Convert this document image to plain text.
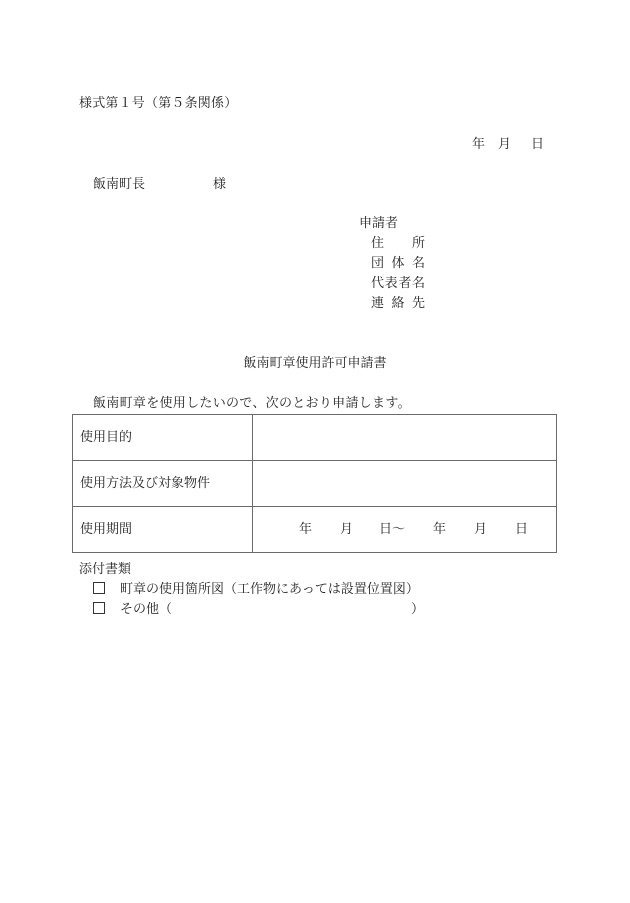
様式第１号（第５条関係）
年 月 日
飯南町長	様
申請者
住所
団体名
代表者名
連絡先
飯南町章使用許可申請書
飯南町章を使用したいので、次のとおり申請します。
使用目的	
使用方法及び対象物件	
使用期間	年 月 日～ 年 月 日
添付書類
町章の使用箇所図（工作物にあっては設置位置図）
その他（	）
